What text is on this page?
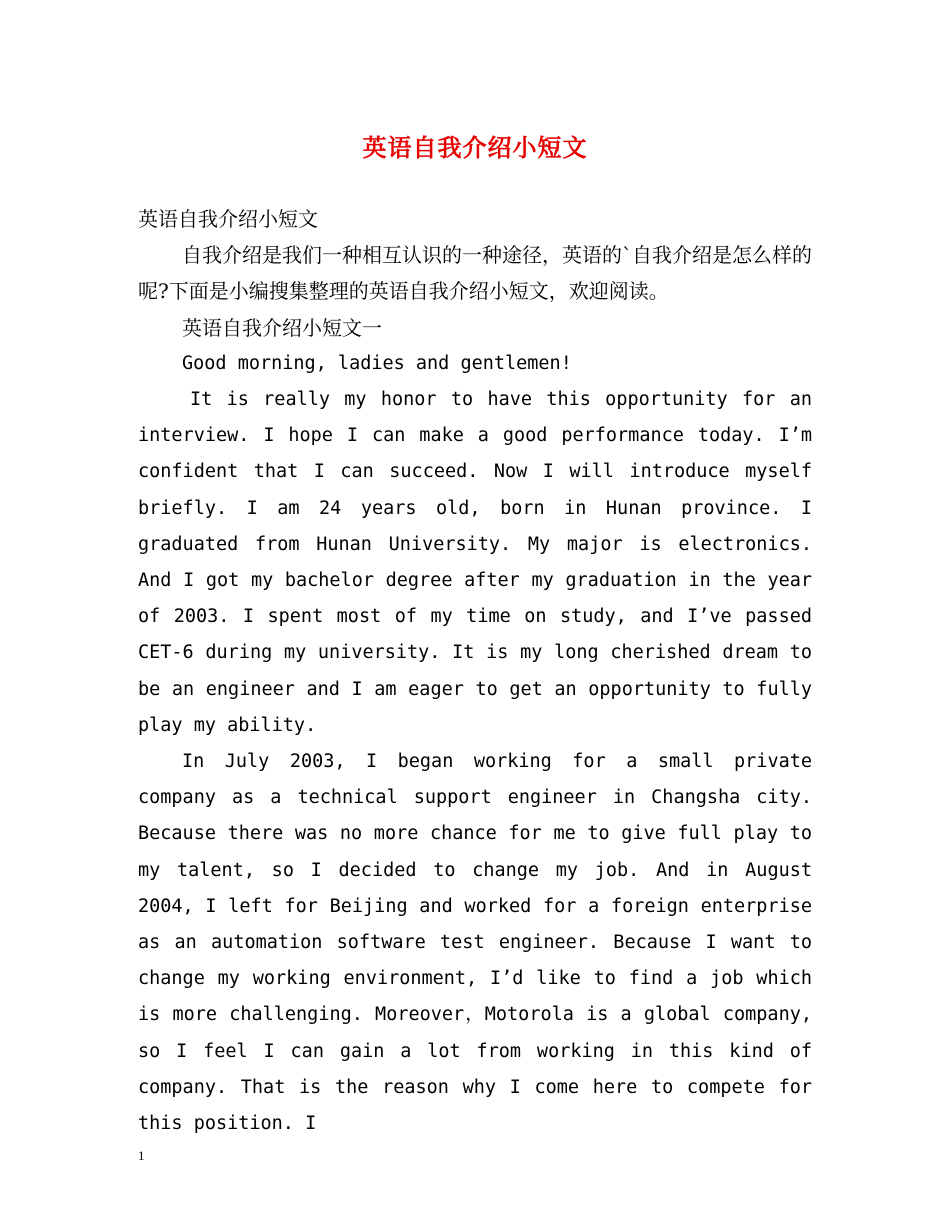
英语自我介绍小短文

英语自我介绍小短文

自我介绍是我们一种相互认识的一种途径，英语的`自我介绍是怎么样的呢?下面是小编搜集整理的英语自我介绍小短文，欢迎阅读。

英语自我介绍小短文一

Good morning, ladies and gentlemen!

It is really my honor to have this opportunity for an interview. I hope I can make a good performance today. I’m confident that I can succeed. Now I will introduce myself briefly. I am 24 years old, born in Hunan province. I graduated from Hunan University. My major is electronics. And I got my bachelor degree after my graduation in the year of 2003. I spent most of my time on study, and I’ve passed CET-6 during my university. It is my long cherished dream to be an engineer and I am eager to get an opportunity to fully play my ability.

In July 2003, I began working for a small private company as a technical support engineer in Changsha city. Because there was no more chance for me to give full play to my talent, so I decided to change my job. And in August 2004, I left for Beijing and worked for a foreign enterprise as an automation software test engineer. Because I want to change my working environment, I’d like to find a job which is more challenging. Moreover，Motorola is a global company, so I feel I can gain a lot from working in this kind of company. That is the reason why I come here to compete for this position. I

1
